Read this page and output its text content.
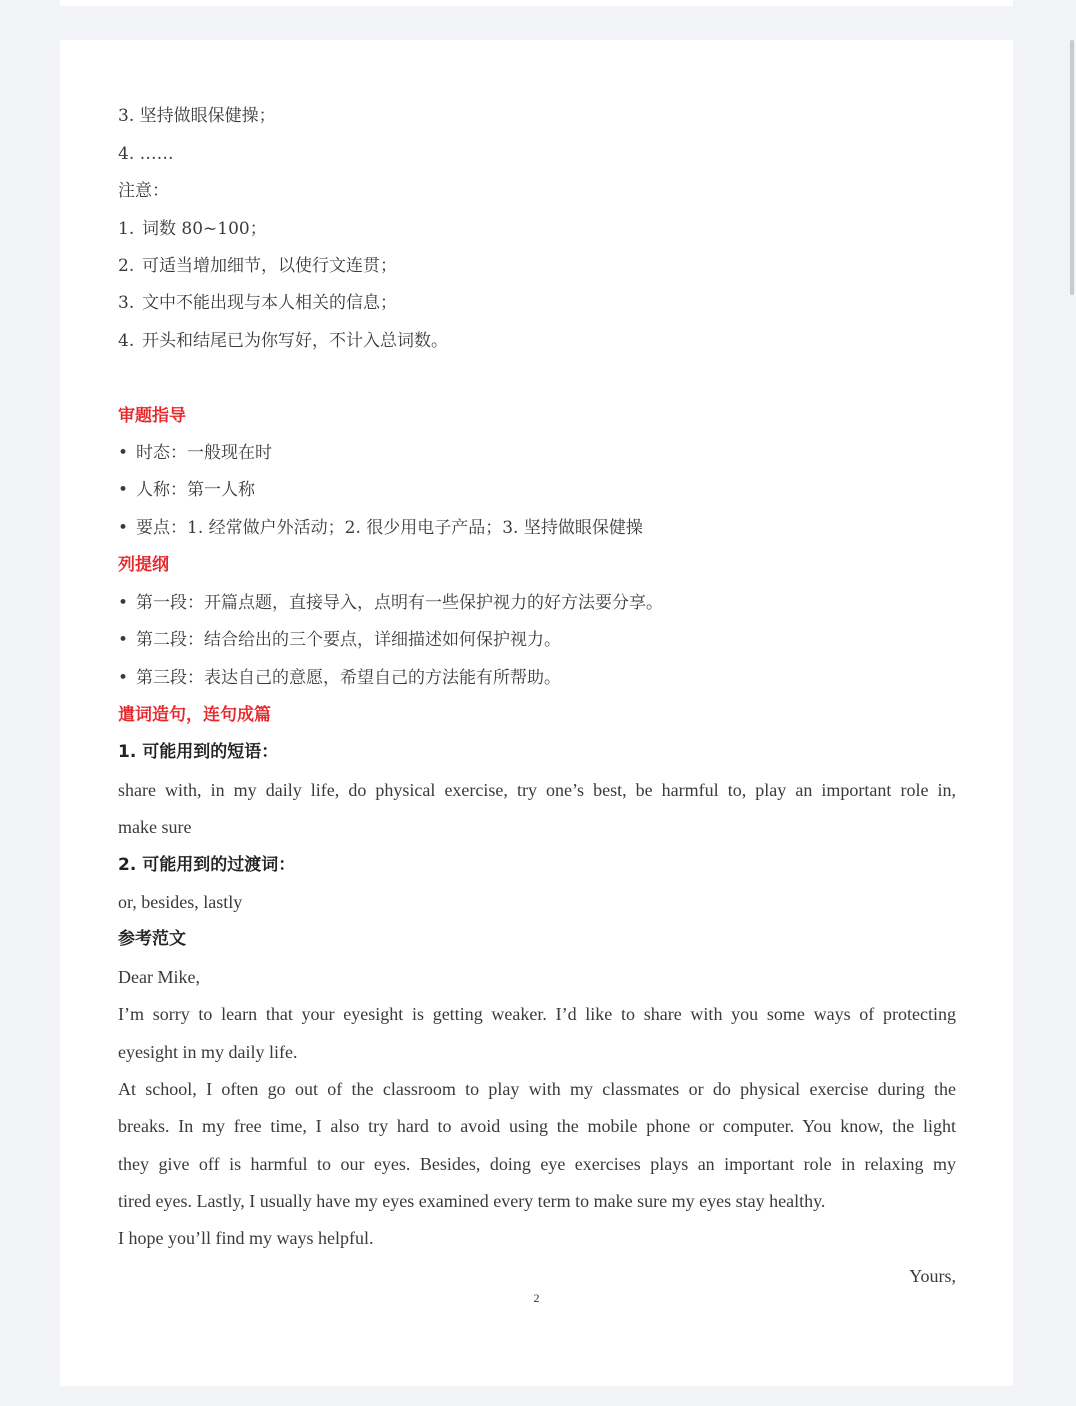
3. 坚持做眼保健操；
4. ……
注意：
1. 词数 80~100；
2. 可适当增加细节，以使行文连贯；
3. 文中不能出现与本人相关的信息；
4. 开头和结尾已为你写好，不计入总词数。
审题指导
• 时态：一般现在时
• 人称：第一人称
• 要点：1. 经常做户外活动；2. 很少用电子产品；3. 坚持做眼保健操
列提纲
• 第一段：开篇点题，直接导入，点明有一些保护视力的好方法要分享。
• 第二段：结合给出的三个要点，详细描述如何保护视力。
• 第三段：表达自己的意愿，希望自己的方法能有所帮助。
遣词造句，连句成篇
1. 可能用到的短语：
share with, in my daily life, do physical exercise, try one’s best, be harmful to, play an important role in,
make sure
2. 可能用到的过渡词：
or, besides, lastly
参考范文
Dear Mike,
I’m sorry to learn that your eyesight is getting weaker. I’d like to share with you some ways of protecting
eyesight in my daily life.
At school, I often go out of the classroom to play with my classmates or do physical exercise during the
breaks. In my free time, I also try hard to avoid using the mobile phone or computer. You know, the light
they give off is harmful to our eyes. Besides, doing eye exercises plays an important role in relaxing my
tired eyes. Lastly, I usually have my eyes examined every term to make sure my eyes stay healthy.
I hope you’ll find my ways helpful.
Yours,
2
